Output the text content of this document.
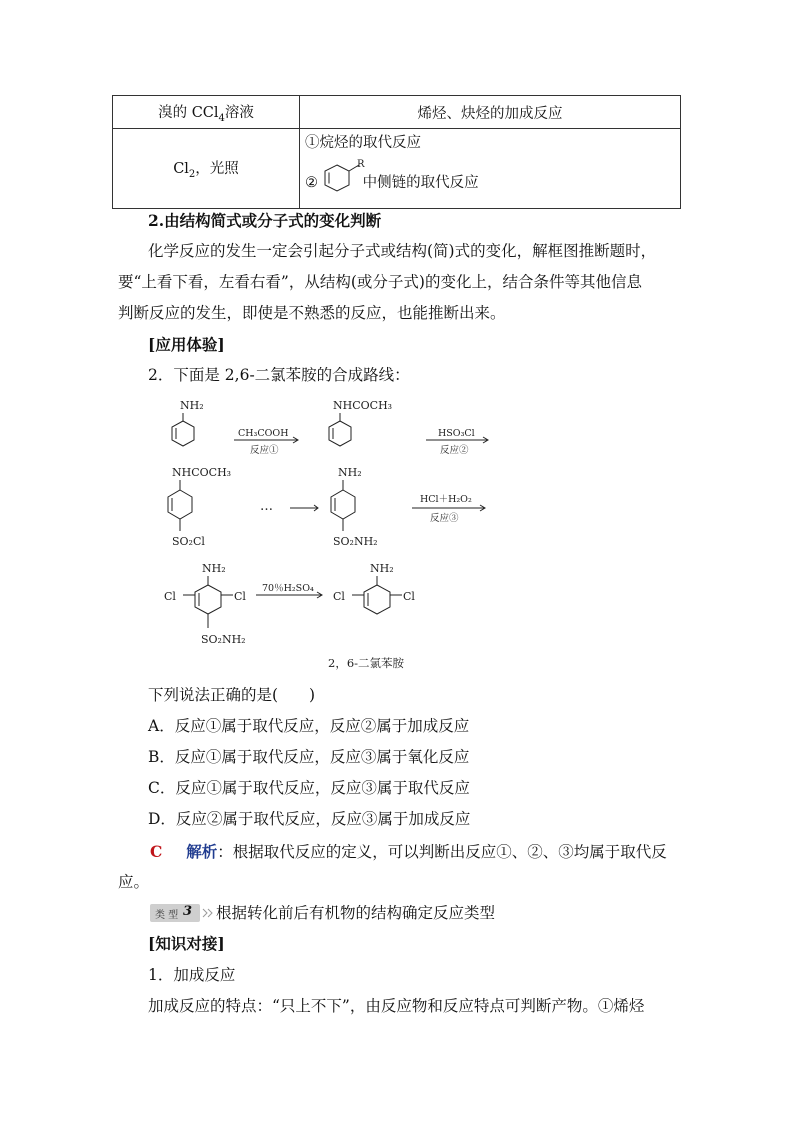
溴的 CCl$_4$溶液	烯烃、炔烃的加成反应
$Cl_2$，光照	①烷烃的取代反应
②
R
中侧链的取代反应
2.由结构简式或分子式的变化判断
化学反应的发生一定会引起分子式或结构(简)式的变化，解框图推断题时，
要“上看下看，左看右看”，从结构(或分子式)的变化上，结合条件等其他信息
判断反应的发生，即使是不熟悉的反应，也能推断出来。
[应用体验]
2．下面是 2,6-二氯苯胺的合成路线：
NH₂
CH₃COOH
反应①
NHCOCH₃
HSO₃Cl
反应②
NHCOCH₃
SO₂Cl
…
NH₂
SO₂NH₂
HCl＋H₂O₂
反应③
NH₂
Cl	Cl
SO₂NH₂
70％H₂SO₄
NH₂
Cl	Cl
2，6-二氯苯胺
下列说法正确的是(　　)
A．反应①属于取代反应，反应②属于加成反应
B．反应①属于取代反应，反应③属于氧化反应
C．反应①属于取代反应，反应③属于取代反应
D．反应②属于取代反应，反应③属于加成反应
C 解析：根据取代反应的定义，可以判断出反应①、②、③均属于取代反
应。
类 型 3 根据转化前后有机物的结构确定反应类型
[知识对接]
1．加成反应
加成反应的特点：“只上不下”，由反应物和反应特点可判断产物。①烯烃
